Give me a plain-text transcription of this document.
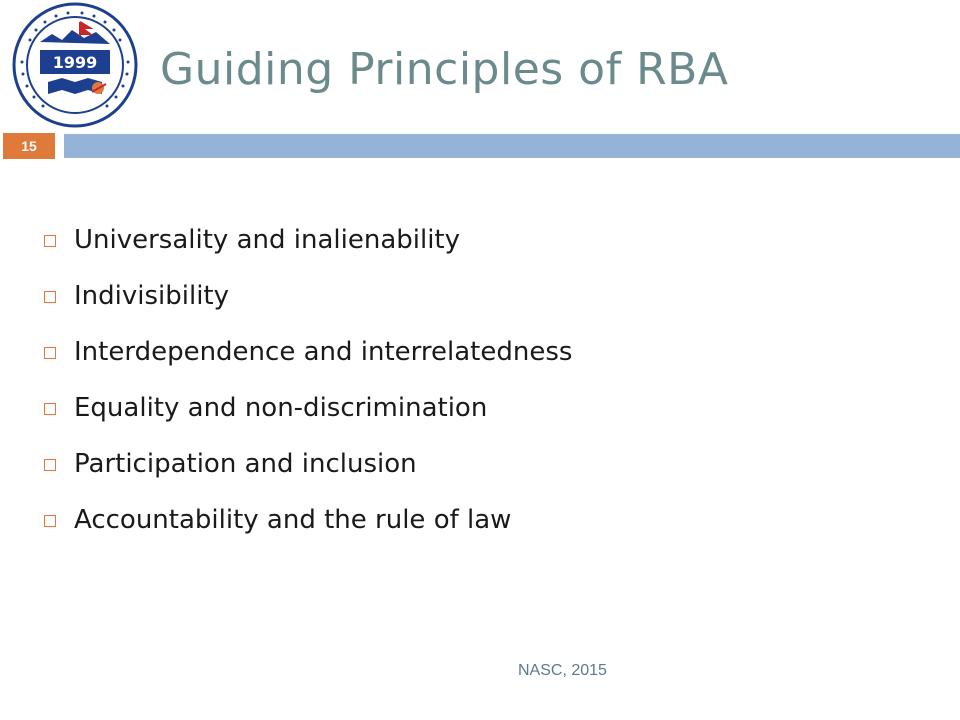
1999 Guiding Principles of RBA
15
Universality and inalienability
Indivisibility
Interdependence and interrelatedness
Equality and non-discrimination
Participation and inclusion
Accountability and the rule of law
NASC, 2015
